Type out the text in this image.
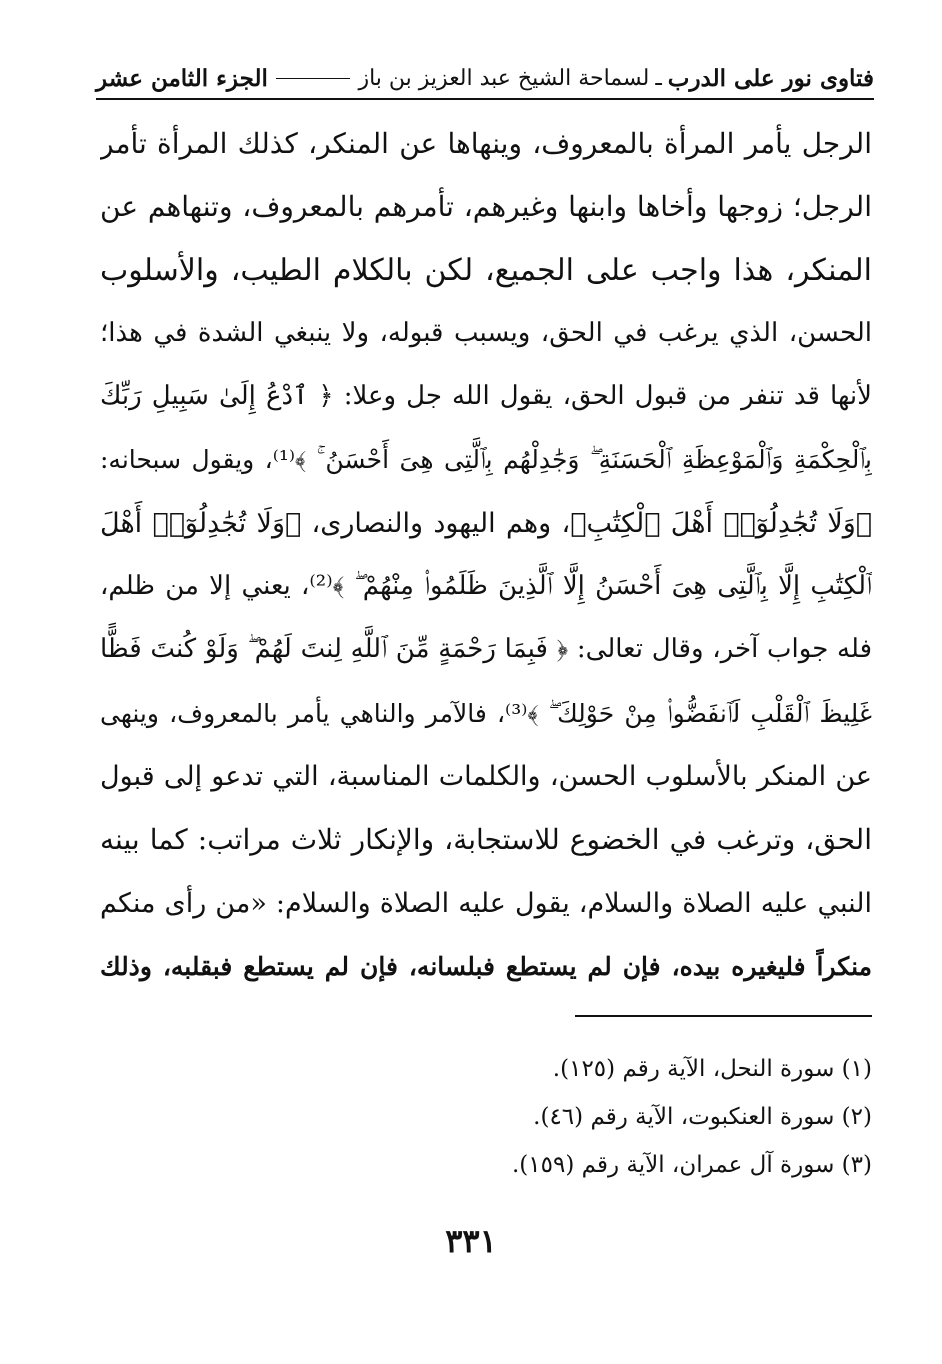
فتاوى نور على الدرب
ـ
لسماحة الشيخ عبد العزيز بن باز
الجزء الثامن عشر
الرجل يأمر المرأة بالمعروف، وينهاها عن المنكر، كذلك المرأة تأمر
الرجل؛ زوجها وأخاها وابنها وغيرهم، تأمرهم بالمعروف، وتنهاهم عن
المنكر، هذا واجب على الجميع، لكن بالكلام الطيب، والأسلوب
الحسن، الذي يرغب في الحق، ويسبب قبوله، ولا ينبغي الشدة في هذا؛
لأنها قد تنفر من قبول الحق، يقول الله جل وعلا: ﴿ ٱدْعُ إِلَىٰ سَبِيلِ رَبِّكَ
بِٱلْحِكْمَةِ وَٱلْمَوْعِظَةِ ٱلْحَسَنَةِ ۖ وَجَٰدِلْهُم بِٱلَّتِى هِىَ أَحْسَنُ ۚ ﴾⁽¹⁾، ويقول سبحانه:
﴿وَلَا تُجَٰدِلُوٓا۟ أَهْلَ ٱلْكِتَٰبِ﴾، وهم اليهود والنصارى، ﴿وَلَا تُجَٰدِلُوٓا۟ أَهْلَ
ٱلْكِتَٰبِ إِلَّا بِٱلَّتِى هِىَ أَحْسَنُ إِلَّا ٱلَّذِينَ ظَلَمُوا۟ مِنْهُمْ ۖ ﴾⁽²⁾، يعني إلا من ظلم،
فله جواب آخر، وقال تعالى: ﴿ فَبِمَا رَحْمَةٍ مِّنَ ٱللَّهِ لِنتَ لَهُمْ ۖ وَلَوْ كُنتَ فَظًّا
غَلِيظَ ٱلْقَلْبِ لَٱنفَضُّوا۟ مِنْ حَوْلِكَ ۖ ﴾⁽³⁾، فالآمر والناهي يأمر بالمعروف، وينهى
عن المنكر بالأسلوب الحسن، والكلمات المناسبة، التي تدعو إلى قبول
الحق، وترغب في الخضوع للاستجابة، والإنكار ثلاث مراتب: كما بينه
النبي عليه الصلاة والسلام، يقول عليه الصلاة والسلام: «من رأى منكم
منكراً فليغيره بيده، فإن لم يستطع فبلسانه، فإن لم يستطع فبقلبه، وذلك
(١) سورة النحل، الآية رقم (١٢٥).
(٢) سورة العنكبوت، الآية رقم (٤٦).
(٣) سورة آل عمران، الآية رقم (١٥٩).
٣٣١
